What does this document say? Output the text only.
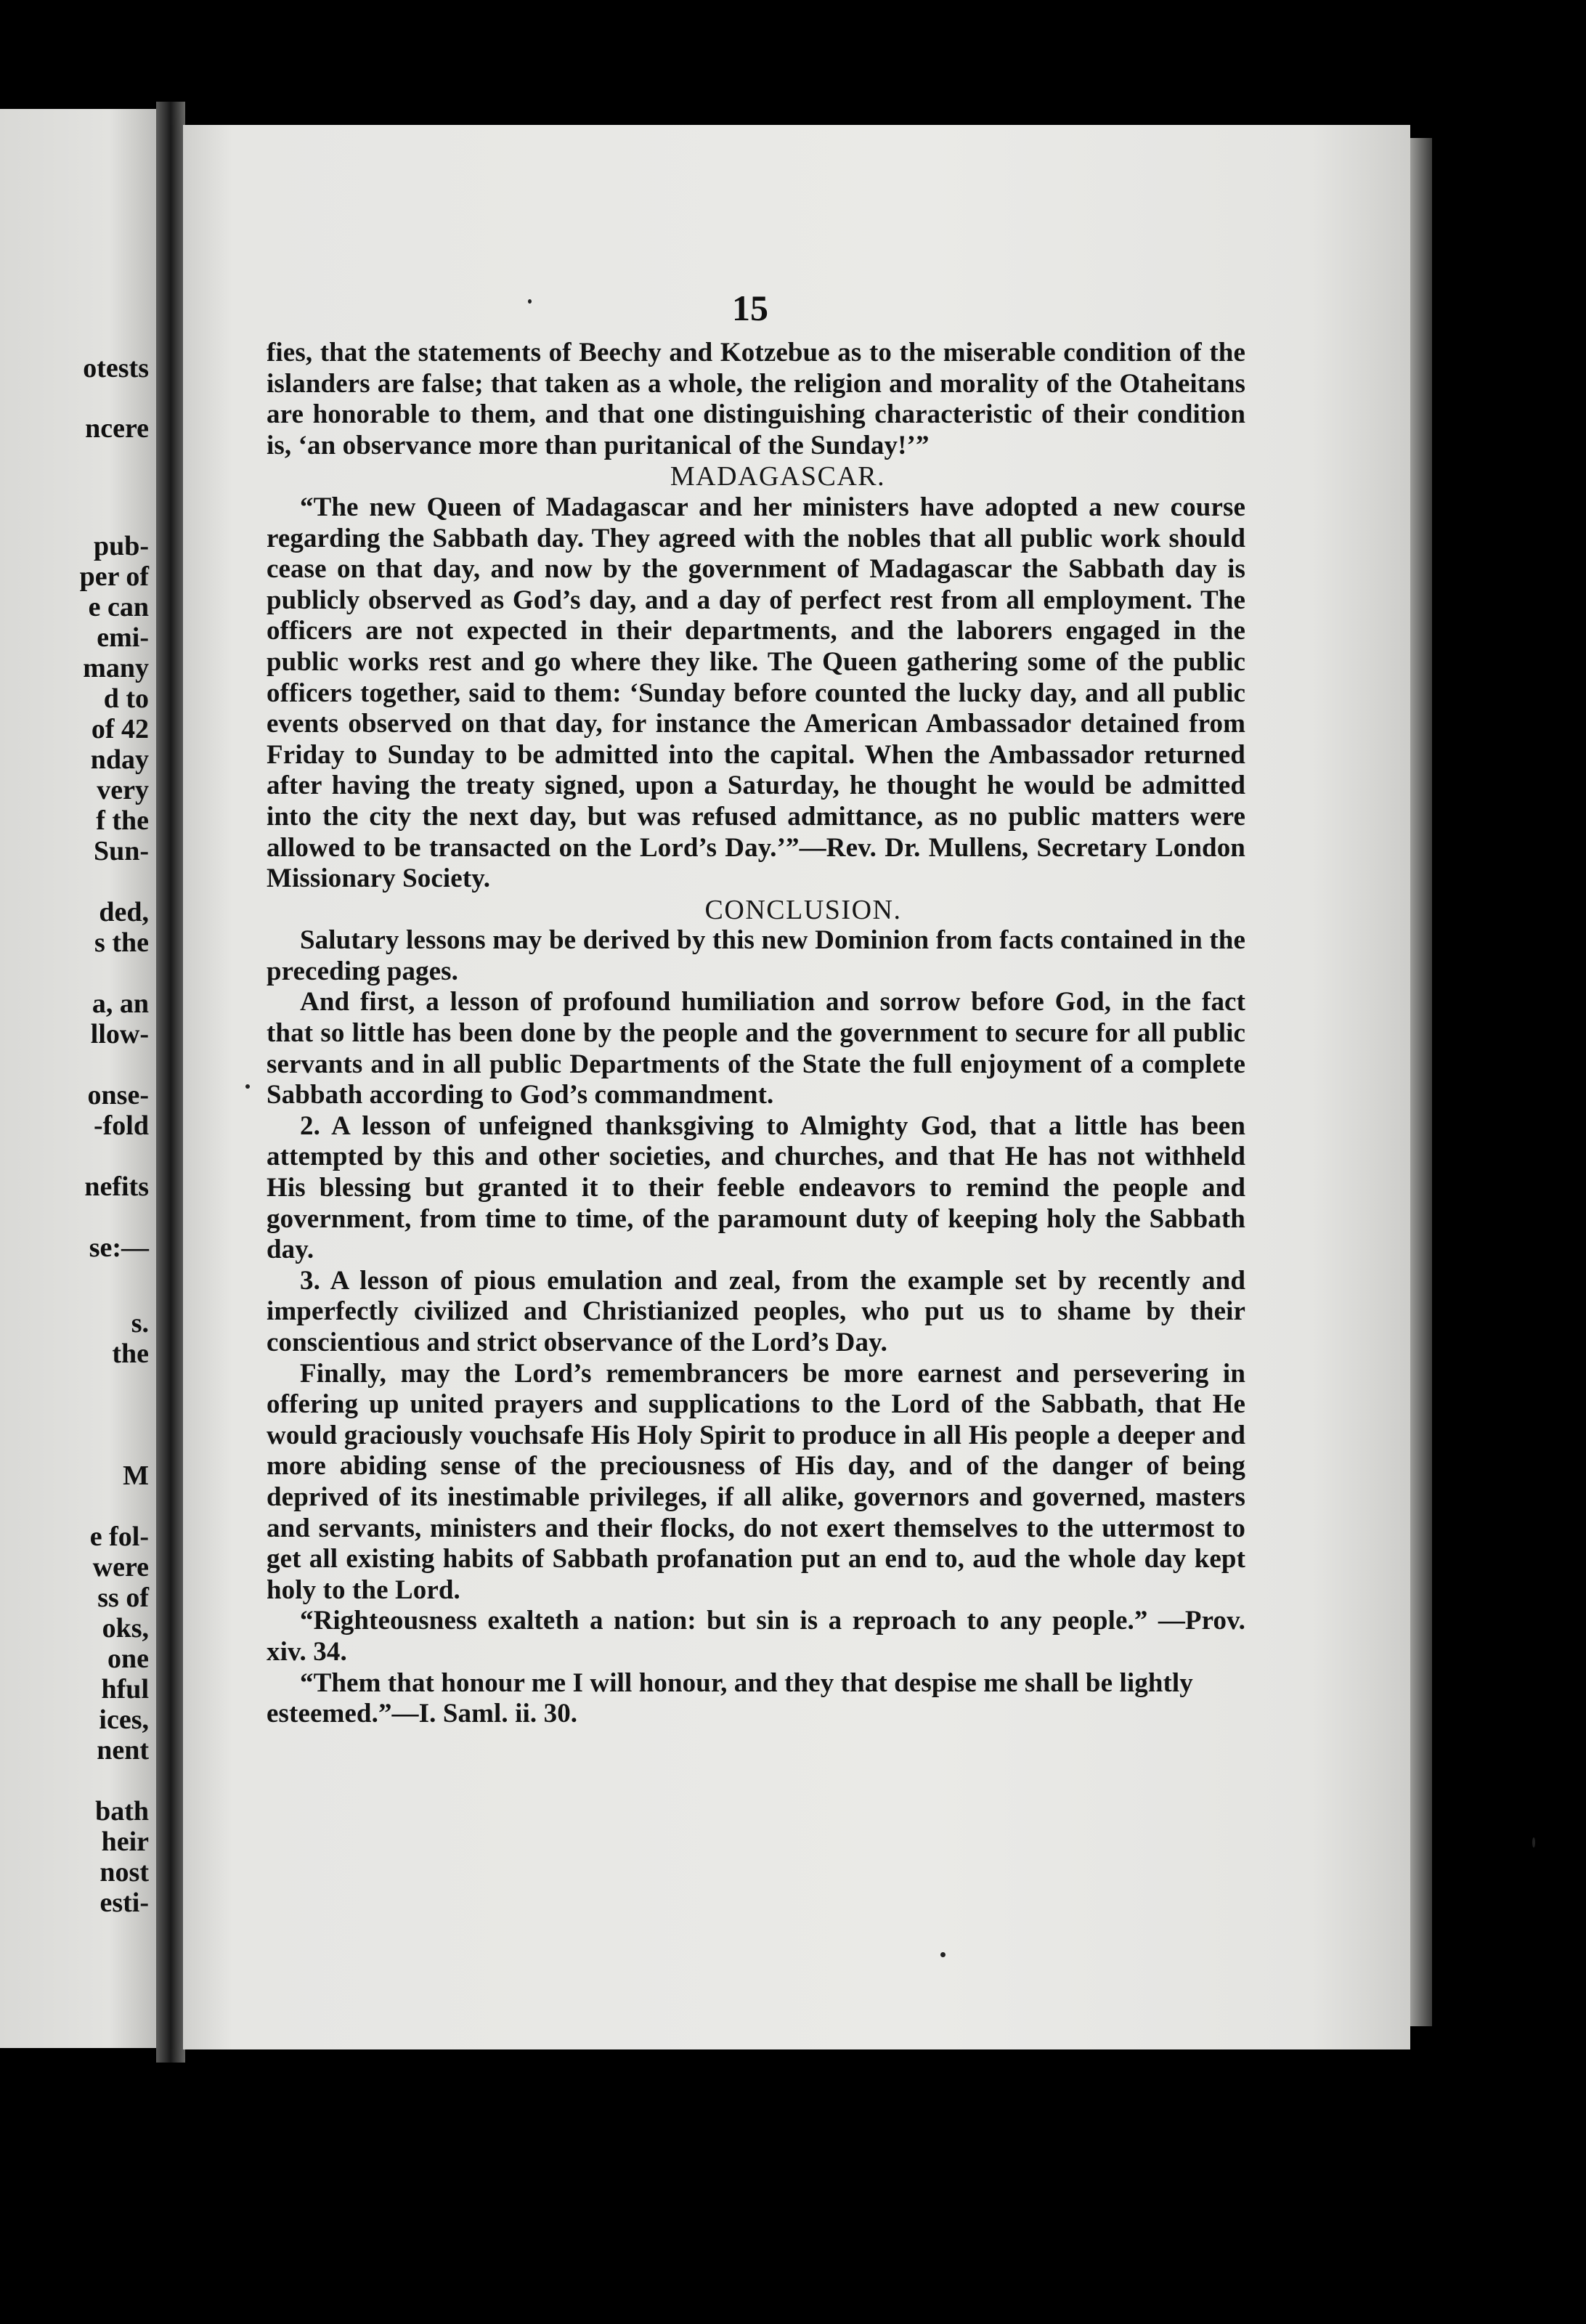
otests

ncere

pub-

per of

e can

emi-

many

d to

of 42

nday

very

f the

Sun-

ded,

s the

a, an

llow-

onse-

-fold

nefits

se:—

s.

the

M

e fol-

were

ss of

oks,

one

hful

ices,

nent

bath

heir

nost

esti-

15

fies, that the statements of Beechy and Kotzebue as to the miserable condition of the islanders are false; that taken as a whole, the religion and morality of the Otaheitans are honorable to them, and that one distinguishing characteristic of their condition is, ‘an observance more than puritanical of the Sunday!’”

MADAGASCAR.

“The new Queen of Madagascar and her ministers have adopted a new course regarding the Sabbath day. They agreed with the nobles that all public work should cease on that day, and now by the government of Madagascar the Sabbath day is publicly observed as God’s day, and a day of perfect rest from all employment. The officers are not expected in their departments, and the laborers engaged in the public works rest and go where they like. The Queen gathering some of the public officers together, said to them: ‘Sunday before counted the lucky day, and all public events observed on that day, for instance the American Ambassador detained from Friday to Sunday to be admitted into the capital. When the Ambassador returned after having the treaty signed, upon a Saturday, he thought he would be admitted into the city the next day, but was refused admittance, as no public matters were allowed to be transacted on the Lord’s Day.’”—Rev. Dr. Mullens, Secretary London Missionary Society.

CONCLUSION.

Salutary lessons may be derived by this new Dominion from facts contained in the preceding pages.

And first, a lesson of profound humiliation and sorrow before God, in the fact that so little has been done by the people and the government to secure for all public servants and in all public Departments of the State the full enjoyment of a complete Sabbath according to God’s commandment.

2. A lesson of unfeigned thanksgiving to Almighty God, that a little has been attempted by this and other societies, and churches, and that He has not withheld His blessing but granted it to their feeble endeavors to remind the people and government, from time to time, of the paramount duty of keeping holy the Sabbath day.

3. A lesson of pious emulation and zeal, from the example set by recently and imperfectly civilized and Christianized peoples, who put us to shame by their conscientious and strict observance of the Lord’s Day.

Finally, may the Lord’s remembrancers be more earnest and persevering in offering up united prayers and supplications to the Lord of the Sabbath, that He would graciously vouchsafe His Holy Spirit to produce in all His people a deeper and more abiding sense of the preciousness of His day, and of the danger of being deprived of its inestimable privileges, if all alike, governors and governed, masters and servants, ministers and their flocks, do not exert themselves to the uttermost to get all existing habits of Sabbath profanation put an end to, aud the whole day kept holy to the Lord.

“Righteousness exalteth a nation: but sin is a reproach to any people.” —Prov. xiv. 34.

“Them that honour me I will honour, and they that despise me shall be lightly esteemed.”—I. Saml. ii. 30.
